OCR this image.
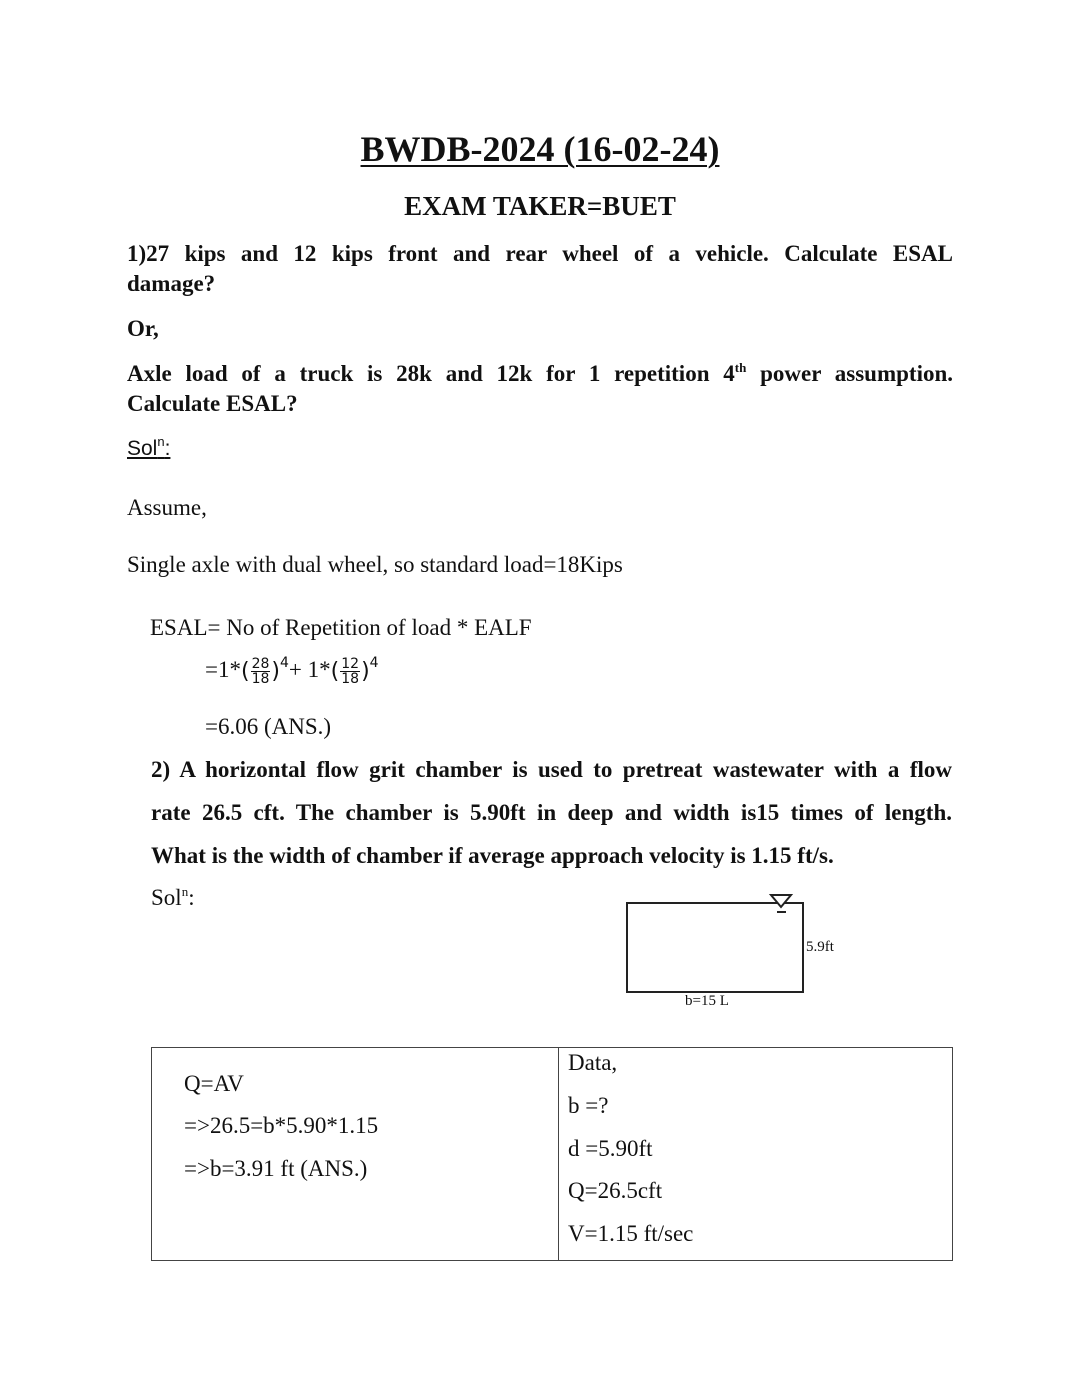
BWDB-2024 (16-02-24)
EXAM TAKER=BUET
1)27 kips and 12 kips front and rear wheel of a vehicle. Calculate ESAL
damage?
Or,
Axle load of a truck is 28k and 12k for 1 repetition 4th power assumption.
Calculate ESAL?
Sol$^n$:
Assume,
Single axle with dual wheel, so standard load=18Kips
ESAL= No of Repetition of load * EALF
$=1*( \frac{28}{18} )^4+ 1*( \frac{12}{18} )^4$
=6.06 (ANS.)
2) A horizontal flow grit chamber is used to pretreat wastewater with a flow
rate 26.5 cft. The chamber is 5.90ft in deep and width is15 times of length.
What is the width of chamber if average approach velocity is 1.15 ft/s.
Sol$^n$:
5.9ft
b=15 L
Q=AV
=>26.5=b*5.90*1.15
=>b=3.91 ft (ANS.)
Data,
b =?
d =5.90ft
Q=26.5cft
V=1.15 ft/sec
